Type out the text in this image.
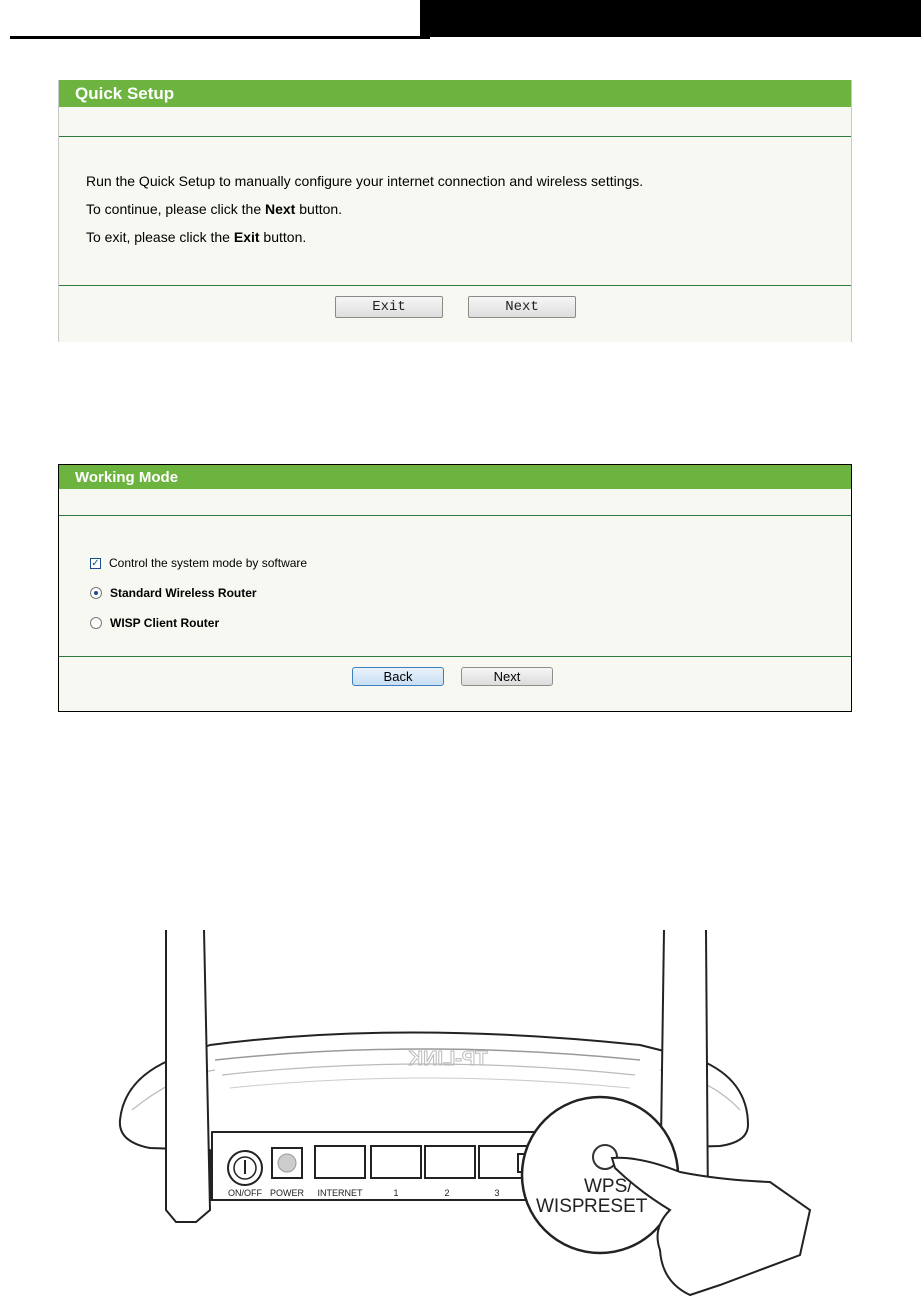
Quick Setup

Run the Quick Setup to manually configure your internet connection and wireless settings.

To continue, please click the Next button.

To exit, please click the Exit button.

Exit	Next
Working Mode
✓ Control the system mode by software
Standard Wireless Router
WISP Client Router
Back	Next
TP-LINK
ON/OFF POWER INTERNET	1	2	3	WPS/
RESET
WISP
